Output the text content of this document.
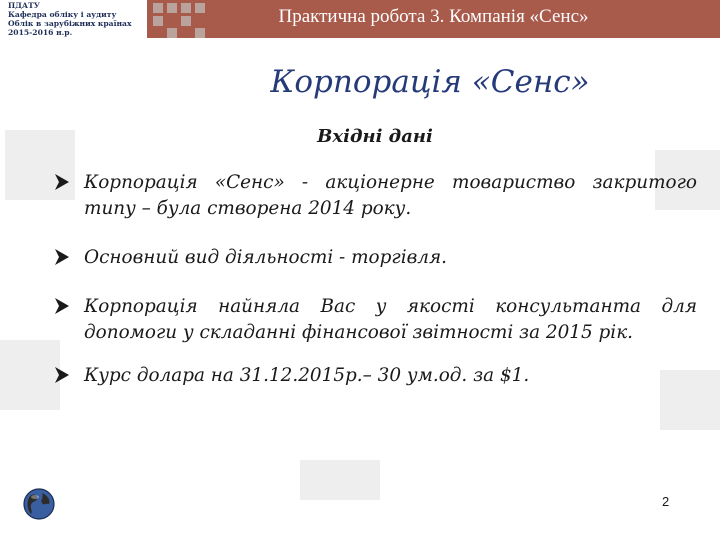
Практична робота 3. Компанія «Сенс»
ПДАТУ
Кафедра обліку і аудиту
Облік в зарубіжних країнах
2015-2016 н.р.
Корпорація «Сенс»
Вхідні дані
Корпорація «Сенс» - акціонерне товариство закритого типу – була створена 2014 року.
Основний вид діяльності - торгівля.
Корпорація найняла Вас у якості консультанта для допомоги у складанні фінансової звітності за 2015 рік.
Курс долара на 31.12.2015р.– 30 ум.од. за $1.
2
